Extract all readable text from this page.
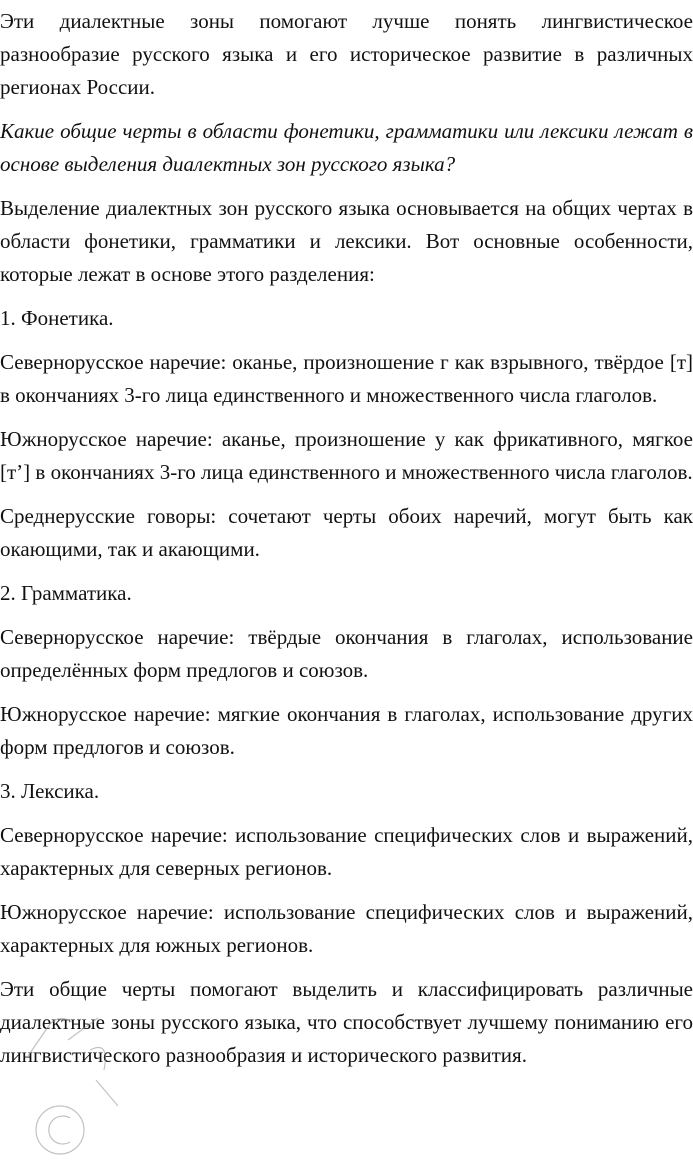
Эти диалектные зоны помогают лучше понять лингвистическое разнообразие русского языка и его историческое развитие в различных регионах России.

Какие общие черты в области фонетики, грамматики или лексики лежат в основе выделения диалектных зон русского языка?

Выделение диалектных зон русского языка основывается на общих чертах в области фонетики, грамматики и лексики. Вот основные особенности, которые лежат в основе этого разделения:

1. Фонетика.

Севернорусское наречие: оканье, произношение г как взрывного, твёрдое [т] в окончаниях 3-го лица единственного и множественного числа глаголов.

Южнорусское наречие: аканье, произношение у как фрикативного, мягкое [т’] в окончаниях 3-го лица единственного и множественного числа глаголов.

Среднерусские говоры: сочетают черты обоих наречий, могут быть как окающими, так и акающими.

2. Грамматика.

Севернорусское наречие: твёрдые окончания в глаголах, использование определённых форм предлогов и союзов.

Южнорусское наречие: мягкие окончания в глаголах, использование других форм предлогов и союзов.

3. Лексика.

Севернорусское наречие: использование специфических слов и выражений, характерных для северных регионов.

Южнорусское наречие: использование специфических слов и выражений, характерных для южных регионов.

Эти общие черты помогают выделить и классифицировать различные диалектные зоны русского языка, что способствует лучшему пониманию его лингвистического разнообразия и исторического развития.
